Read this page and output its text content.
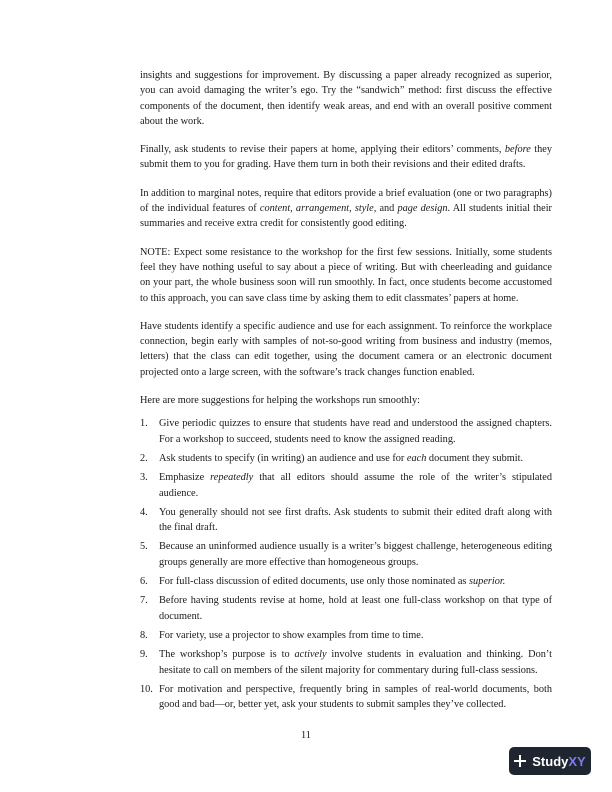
insights and suggestions for improvement. By discussing a paper already recognized as superior, you can avoid damaging the writer’s ego. Try the “sandwich” method: first discuss the effective components of the document, then identify weak areas, and end with an overall positive comment about the work.

Finally, ask students to revise their papers at home, applying their editors’ comments, before they submit them to you for grading. Have them turn in both their revisions and their edited drafts.

In addition to marginal notes, require that editors provide a brief evaluation (one or two paragraphs) of the individual features of content, arrangement, style, and page design. All students initial their summaries and receive extra credit for consistently good editing.

NOTE: Expect some resistance to the workshop for the first few sessions. Initially, some students feel they have nothing useful to say about a piece of writing. But with cheerleading and guidance on your part, the whole business soon will run smoothly. In fact, once students become accustomed to this approach, you can save class time by asking them to edit classmates’ papers at home.

Have students identify a specific audience and use for each assignment. To reinforce the workplace connection, begin early with samples of not-so-good writing from business and industry (memos, letters) that the class can edit together, using the document camera or an electronic document projected onto a large screen, with the software’s track changes function enabled.

Here are more suggestions for helping the workshops run smoothly:

1. Give periodic quizzes to ensure that students have read and understood the assigned chapters. For a workshop to succeed, students need to know the assigned reading.
2. Ask students to specify (in writing) an audience and use for each document they submit.
3. Emphasize repeatedly that all editors should assume the role of the writer’s stipulated audience.
4. You generally should not see first drafts. Ask students to submit their edited draft along with the final draft.
5. Because an uninformed audience usually is a writer’s biggest challenge, heterogeneous editing groups generally are more effective than homogeneous groups.
6. For full-class discussion of edited documents, use only those nominated as superior.
7. Before having students revise at home, hold at least one full-class workshop on that type of document.
8. For variety, use a projector to show examples from time to time.
9. The workshop’s purpose is to actively involve students in evaluation and thinking. Don’t hesitate to call on members of the silent majority for commentary during full-class sessions.
10. For motivation and perspective, frequently bring in samples of real-world documents, both good and bad—or, better yet, ask your students to submit samples they’ve collected.
11
Study XY
